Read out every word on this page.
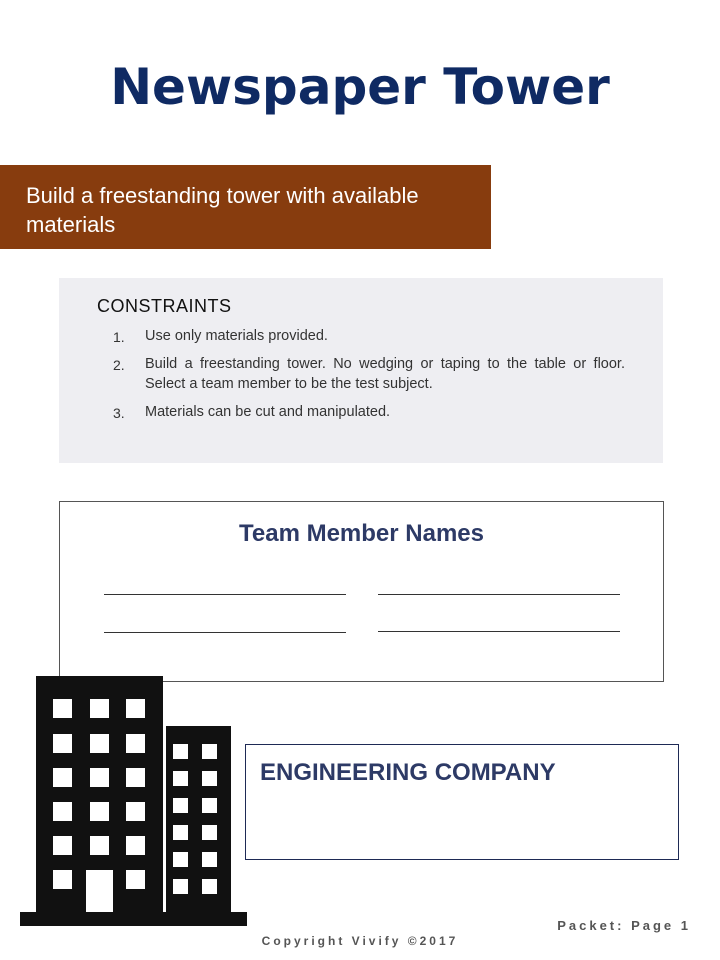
Newspaper Tower
Build a freestanding tower with available materials
CONSTRAINTS
1. Use only materials provided.
2. Build a freestanding tower. No wedging or taping to the table or floor. Select a team member to be the test subject.
3. Materials can be cut and manipulated.
Team Member Names
ENGINEERING COMPANY
Packet: Page 1
Copyright Vivify ©2017
